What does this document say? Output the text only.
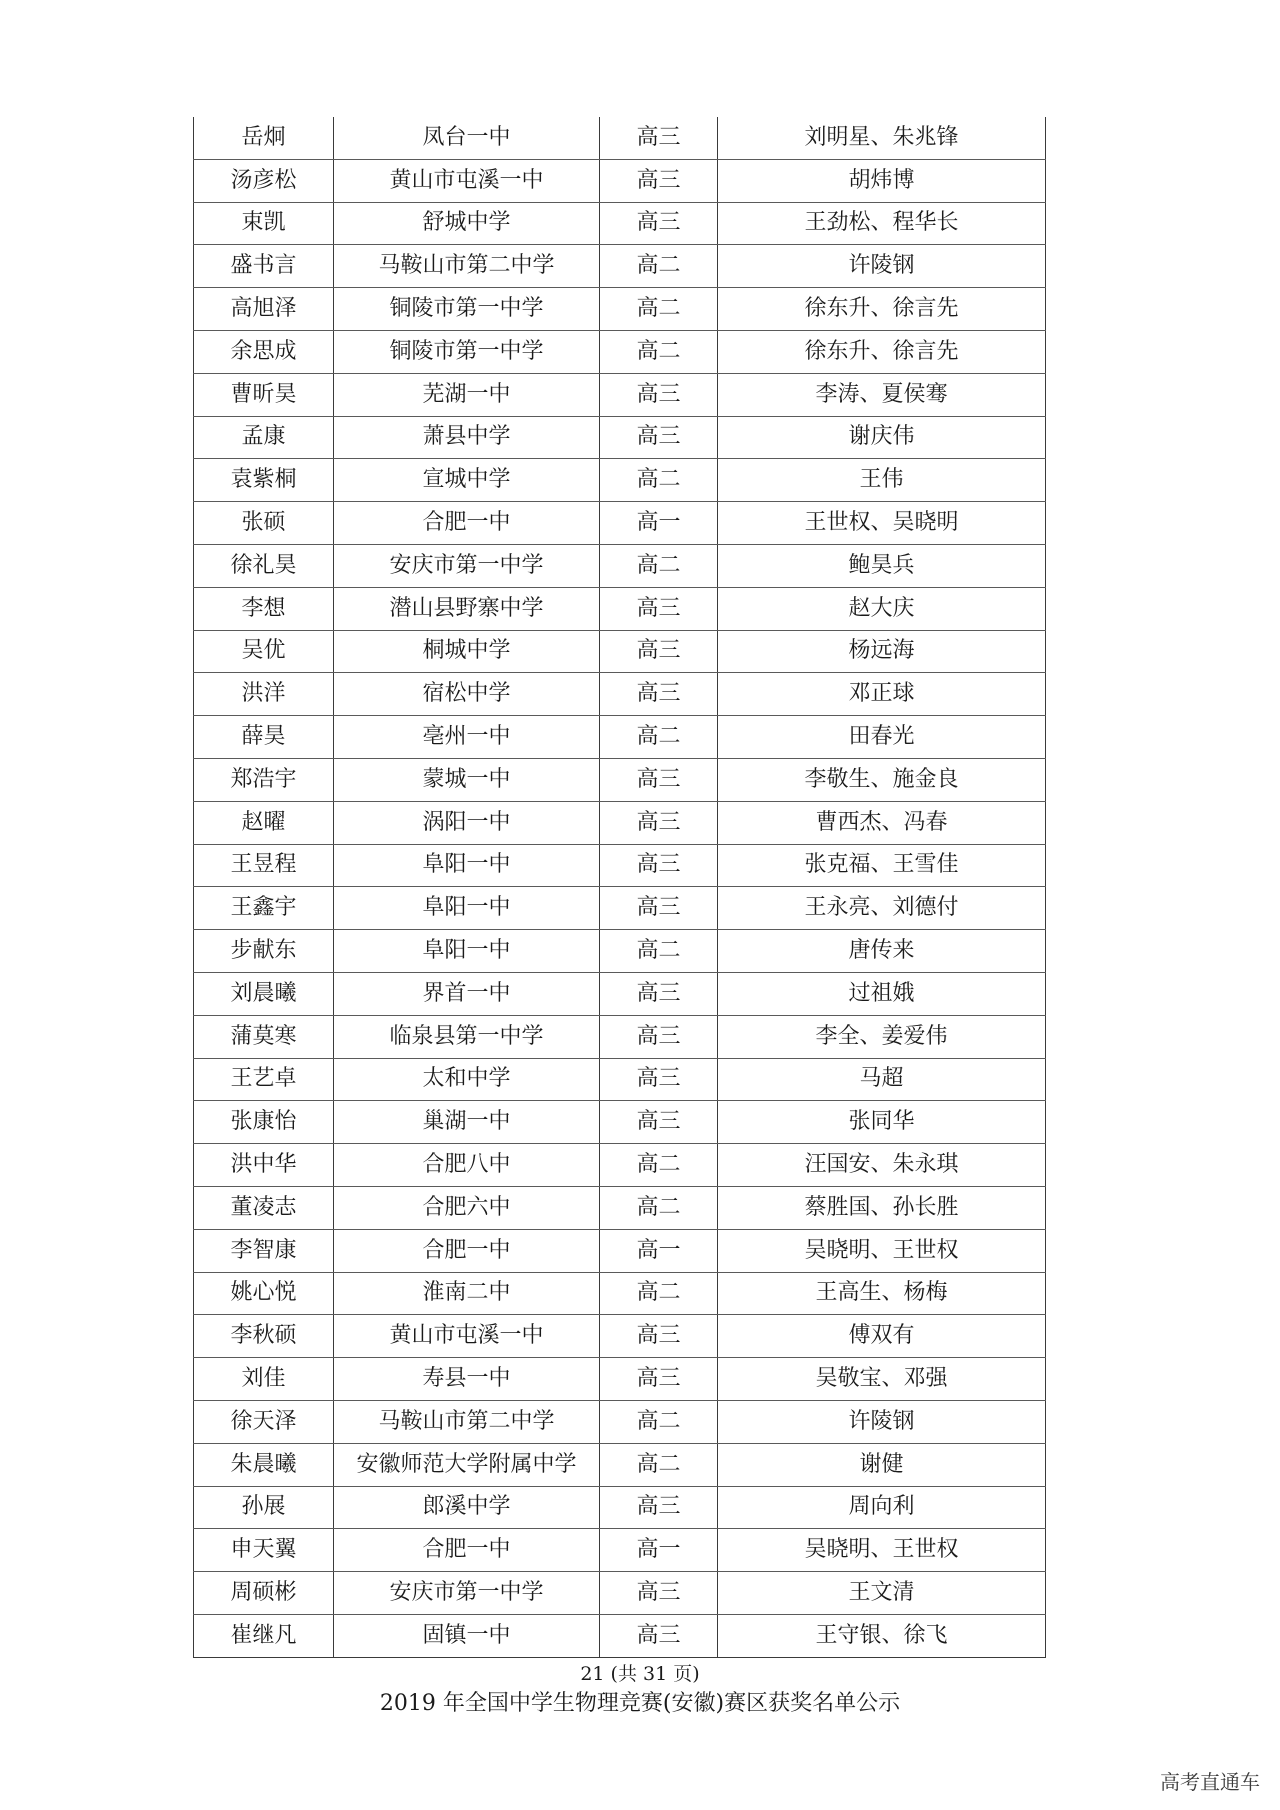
岳炯	凤台一中	高三	刘明星、朱兆锋
汤彦松	黄山市屯溪一中	高三	胡炜博
束凯	舒城中学	高三	王劲松、程华长
盛书言	马鞍山市第二中学	高二	许陵钢
高旭泽	铜陵市第一中学	高二	徐东升、徐言先
余思成	铜陵市第一中学	高二	徐东升、徐言先
曹昕昊	芜湖一中	高三	李涛、夏侯骞
孟康	萧县中学	高三	谢庆伟
袁紫桐	宣城中学	高二	王伟
张硕	合肥一中	高一	王世权、吴晓明
徐礼昊	安庆市第一中学	高二	鲍昊兵
李想	潜山县野寨中学	高三	赵大庆
吴优	桐城中学	高三	杨远海
洪洋	宿松中学	高三	邓正球
薛昊	亳州一中	高二	田春光
郑浩宇	蒙城一中	高三	李敬生、施金良
赵曜	涡阳一中	高三	曹西杰、冯春
王昱程	阜阳一中	高三	张克福、王雪佳
王鑫宇	阜阳一中	高三	王永亮、刘德付
步献东	阜阳一中	高二	唐传来
刘晨曦	界首一中	高三	过祖娥
蒲莫寒	临泉县第一中学	高三	李全、姜爱伟
王艺卓	太和中学	高三	马超
张康怡	巢湖一中	高三	张同华
洪中华	合肥八中	高二	汪国安、朱永琪
董凌志	合肥六中	高二	蔡胜国、孙长胜
李智康	合肥一中	高一	吴晓明、王世权
姚心悦	淮南二中	高二	王高生、杨梅
李秋硕	黄山市屯溪一中	高三	傅双有
刘佳	寿县一中	高三	吴敬宝、邓强
徐天泽	马鞍山市第二中学	高二	许陵钢
朱晨曦	安徽师范大学附属中学	高二	谢健
孙展	郎溪中学	高三	周向利
申天翼	合肥一中	高一	吴晓明、王世权
周硕彬	安庆市第一中学	高三	王文清
崔继凡	固镇一中	高三	王守银、徐飞
21 (共 31 页)
2019 年全国中学生物理竞赛(安徽)赛区获奖名单公示
高考直通车
